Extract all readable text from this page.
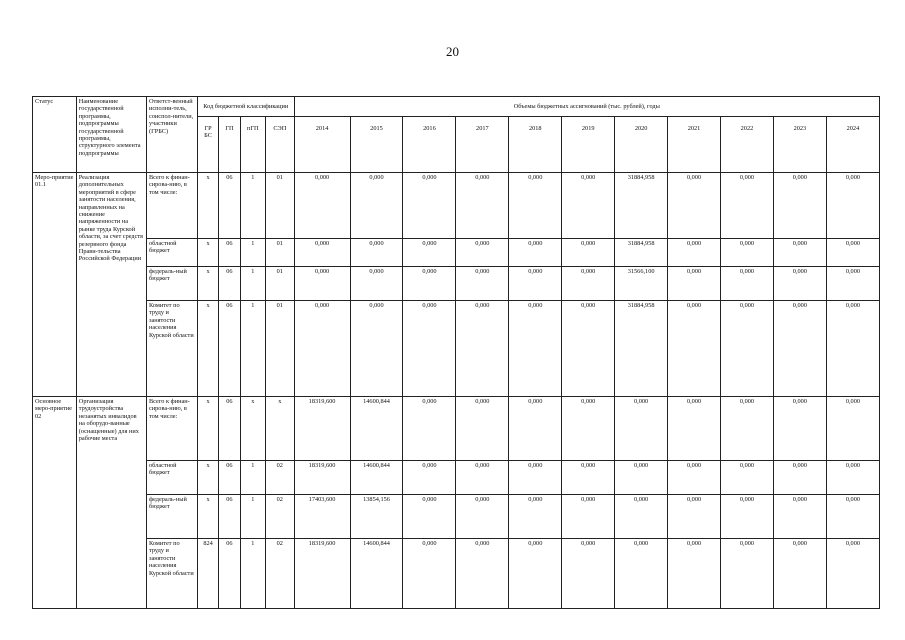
20
Статус	Наименование государственной программы, подпрограммы государственной программы, структурного элемента подпрограммы	Ответст-венный исполни-тель, соиспол-нители, участники (ГРБС)	Код бюджетной классификации				Объемы бюджетных ассигнований (тыс. рублей), годы										
			ГР БС	ГП	пГП	СЭП	2014	2015	2016	2017	2018	2019	2020	2021	2022	2023	2024
Меро-приятие 01.1	Реализация дополнительных мероприятий в сфере занятости населения, направленных на снижение напряженности на рынке труда Курской области, за счет средств резервного фонда Прави-тельства Российской Федерации	Всего к финан-сирова-нию, в том числе:	x	06	1	01	0,000	0,000	0,000	0,000	0,000	0,000	31884,958	0,000	0,000	0,000	0,000
		областной бюджет	x	06	1	01	0,000	0,000	0,000	0,000	0,000	0,000	31884,958	0,000	0,000	0,000	0,000
		федераль-ный бюджет	x	06	1	01	0,000	0,000	0,000	0,000	0,000	0,000	31566,100	0,000	0,000	0,000	0,000
		Комитет по труду и занятости населения Курской области	x	06	1	01	0,000	0,000	0,000	0,000	0,000	0,000	31884,958	0,000	0,000	0,000	0,000
Основное меро-приятие 02	Организация трудоустройства незанятых инвалидов на оборудо-ванные (оснащенные) для них рабочие места	Всего к финан-сирова-нию, в том числе:	x	06	x	x	18319,600	14600,844	0,000	0,000	0,000	0,000	0,000	0,000	0,000	0,000	0,000
		областной бюджет	x	06	1	02	18319,600	14600,844	0,000	0,000	0,000	0,000	0,000	0,000	0,000	0,000	0,000
		федераль-ный бюджет	x	06	1	02	17403,600	13854,156	0,000	0,000	0,000	0,000	0,000	0,000	0,000	0,000	0,000
		Комитет по труду и занятости населения Курской области	824	06	1	02	18319,600	14600,844	0,000	0,000	0,000	0,000	0,000	0,000	0,000	0,000	0,000
